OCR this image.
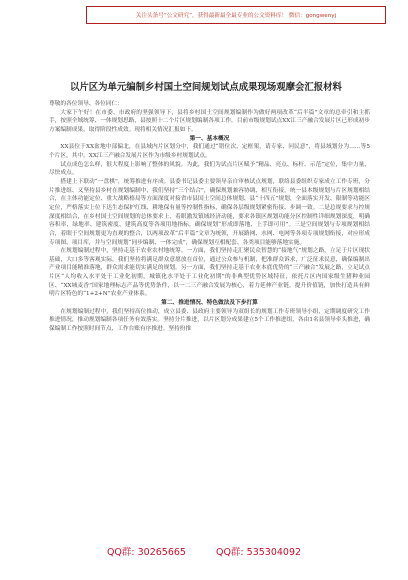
关注头条号“公文研究”，获得最新最全最专业的公文资料库！ 微信：gongwenyj
以片区为单元编制乡村国土空间规划试点成果现场观摩会汇报材料

尊敬的各位领导、各位同仁：

大家下午好！在市委、市政府的坚强领导下，县将乡村国土空间规划编制作为做好两项改革“后半篇”文章的总牵引和主抓手，按照全域统筹、一体规划思路，县按照十二个片区规划编制各项工作，目前市级规划试点XX江三产融合发展片区已形成初步方案编制成果，取得阶段性成效。现将相关情况汇报如下。

第一、基本概况

XX县位于XX盆地中部偏北，在县域内片区划分中，我们通过“错位次、定框架，请专家、问民意”，将县域划分为……等5个片区。其中，XX江三产融合发展片区作为市级乡村规划试点。

试点成色怎么样，很大程度上影响了整体的风貌。为此，我们为试点片区赋予“精品、亮点、标杆、示范”定位，集中力量、尽快成点。

搭建上下联动“一盘棋”，统筹推进有序成。县委书记县委主要领导亲自审核试点规划，联络县委组织专家成立工作专班，分片推进组、又坚持县乡村在规划编制中，我们坚持“三个结合”，确保规划兼容协调、相互衔接，统一县本级规划与片区规划相结合，在主体功能定位、重大战略格局等方面深度对接省市县国土空间总体规划、县“十四五”规划，全面落实开发、限制等功能区定位，严格落实上位下达生态保护红线、耕地保有量等控制性指标，确保各层级规划紧密衔接、步调一致。二是总规要求与控规深度相结合，在乡村国土空间规划的总体要求上，着眼激发镇域经济动能，要求各镇区规划功能分区控制性详细规划深度，明确容积率、绿地率、建筑密度、建筑高度等各项用地指标，确保规划“形成即落地、上手即可用”。三是空间规划与专项规划相结合，着眼于空间规划更为直观的整合，以两项改革“后半篇”文章为统领，开展路网、水网、电网等各项专项规划衔接，对应形成专项图、项目库，并与空间规划“同步编制、一体完成”，确保规划互相配套、各类项目能够落地实施。

在规划编制过程中，坚持走基于农业农村地统筹。一方面，我们坚持走汇聚民众智慧的“接地气”规划之路，立足于片区现状基础，大口多等客观实际，我们坚持将满足群众意愿放在首位，通过公众参与机制，把准群众诉求，广泛征求民意，确保编制出产业项目能精准落地，群众需求能切实满足的规划。另一方面，我们坚持走基于农业本底优势的“三产融合”发展之路，立足试点片区“人均收入水平处于工业化初期，城镇化水平处于工业化初期”的非典型优势区域特征，依托片区内国家级生猪种业园区、“XX城麦香”国家地理标志产品等优势条件，以一二三产融合发展为核心，着力延伸产业链，提升价值链，加快打造具有鲜明片区特色的“1+2+N”农业产业体系。

第二、推进情况、特色做法及下步打算

在规划编制过程中，我们坚持高位推动，成立县委、县政府主要领导为双组长的规划工作专班领导小组，定期调度研究工作推进情况，推动规划编制各项任务有效落实。坚持分片推进，以片区划分成果建立5个工作推进组，各由1名县领导牵头推进，确保编制工作按照时间节点、工作台账有序推进。坚持扮推

QQ群: 30265665	QQ群: 535304092
